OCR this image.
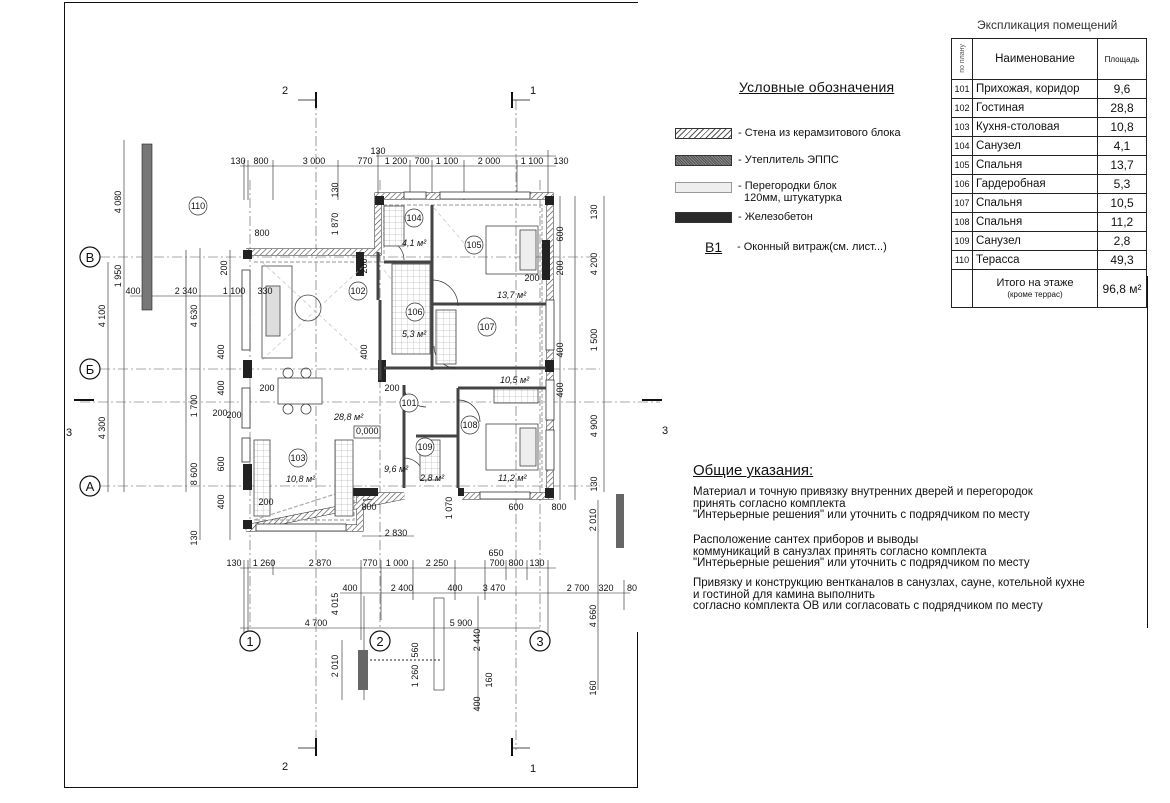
В
Б
А
1	2	3
2
2
1
1
3	3
110
104
105
102
106
107
101
108
103
109
4,1 м²
13,7 м²
5,3 м²
10,5 м²
28,8 м²
10,8 м²
9,6 м²
2,8 м²	11,2 м²
0,000
130 800	3 000	770 1 200 700 1 100 2 000 1 100 130
130
130 1 260	2 870	770 1 000 2 250	700 800 130
400	2 400	400 3 470	2 700 320 80
4 700	5 900
2 830
650
600
800	800
800
1 070
4 015
2 440
160
400
1 260
560
2 010
2 010
4 660
160
4 080
1 950
4 100	4 630
1 700
4 300
8 600
130
200
400
400
400
600
1 870
130
400	2 340	1 100 330
200
200
130
600
200	4 200
1 500
400
400
4 900
130
200	200
400
200
200
200
Условные обозначения
- Стена из керамзитового блока
- Утеплитель ЭППС
- Перегородки блок
120мм, штукатурка
- Железобетон
B1 - Оконный витраж(см. лист...)
Экспликация помещений
по плану	Наименование	Площадь
101	Прихожая, коридор	9,6
102	Гостиная	28,8
103	Кухня-столовая	10,8
104	Санузел	4,1
105	Спальня	13,7
106	Гардеробная	5,3
107	Спальня	10,5
108	Спальня	11,2
109	Санузел	2,8
110	Терасса	49,3
	Итого на этаже
(кроме террас)	96,8 м²
Общие указания:
Материал и точную привязку внутренних дверей и перегородок
принять согласно комплекта
"Интерьерные решения" или уточнить с подрядчиком по месту
Расположение сантех приборов и выводы
коммуникаций в санузлах принять согласно комплекта
"Интерьерные решения" или уточнить с подрядчиком по месту
Привязку и конструкцию вентканалов в санузлах, сауне, котельной кухне
и гостиной для камина выполнить
согласно комплекта ОВ или согласовать с подрядчиком по месту
